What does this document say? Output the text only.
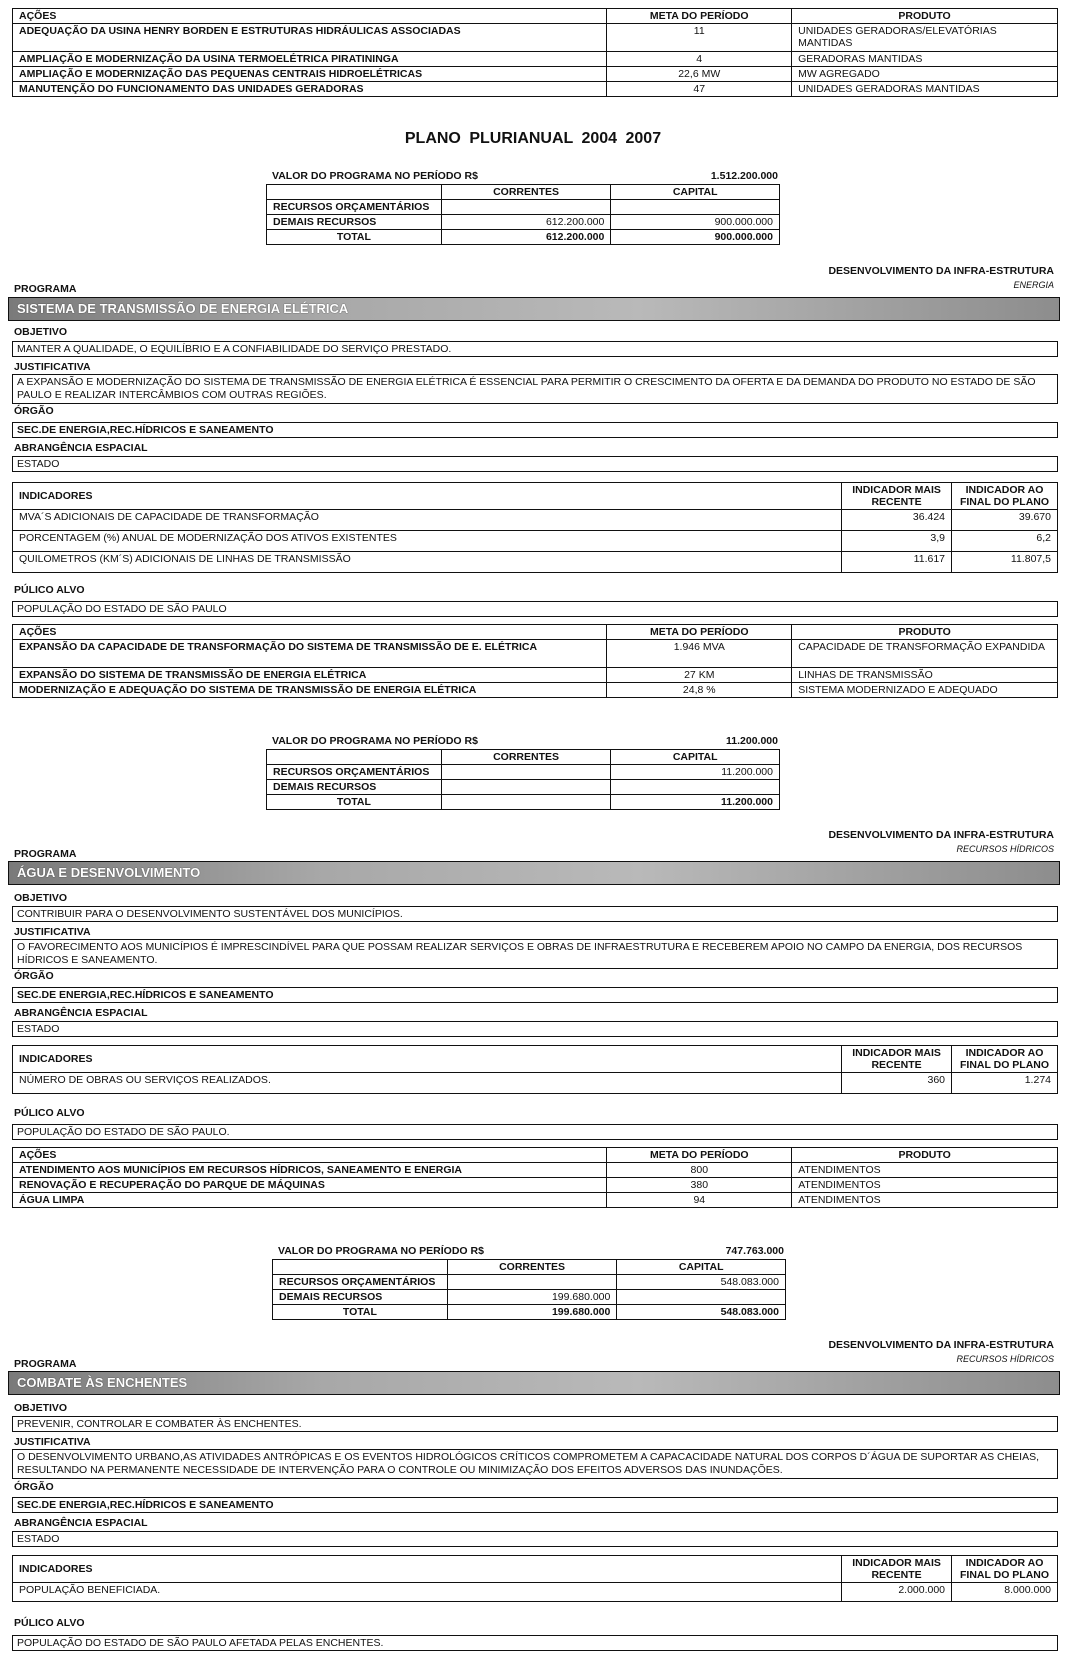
AÇÕES	META DO PERÍODO	PRODUTO
ADEQUAÇÃO DA USINA HENRY BORDEN E ESTRUTURAS HIDRÁULICAS ASSOCIADAS	11	UNIDADES GERADORAS/ELEVATÓRIAS MANTIDAS
AMPLIAÇÃO E MODERNIZAÇÃO DA USINA TERMOELÉTRICA PIRATININGA	4	GERADORAS MANTIDAS
AMPLIAÇÃO E MODERNIZAÇÃO DAS PEQUENAS CENTRAIS HIDROELÉTRICAS	22,6 MW	MW AGREGADO
MANUTENÇÃO DO FUNCIONAMENTO DAS UNIDADES GERADORAS	47	UNIDADES GERADORAS MANTIDAS
PLANO PLURIANUAL 2004 2007
VALOR DO PROGRAMA NO PERÍODO R$	1.512.200.000
	CORRENTES	CAPITAL
RECURSOS ORÇAMENTÁRIOS		
DEMAIS RECURSOS	612.200.000	900.000.000
TOTAL	612.200.000	900.000.000
DESENVOLVIMENTO DA INFRA-ESTRUTURA
ENERGIA
PROGRAMA
SISTEMA DE TRANSMISSÃO DE ENERGIA ELÉTRICA
OBJETIVO
MANTER A QUALIDADE, O EQUILÍBRIO E A CONFIABILIDADE DO SERVIÇO PRESTADO.
JUSTIFICATIVA
A EXPANSÃO E MODERNIZAÇÃO DO SISTEMA DE TRANSMISSÃO DE ENERGIA ELÉTRICA É ESSENCIAL PARA PERMITIR O CRESCIMENTO DA OFERTA E DA DEMANDA DO PRODUTO NO ESTADO DE SÃO PAULO E REALIZAR INTERCÂMBIOS COM OUTRAS REGIÕES.
ÓRGÃO
SEC.DE ENERGIA,REC.HÍDRICOS E SANEAMENTO
ABRANGÊNCIA ESPACIAL
ESTADO
INDICADORES	INDICADOR MAIS RECENTE	INDICADOR AO FINAL DO PLANO
MVA´S ADICIONAIS DE CAPACIDADE DE TRANSFORMAÇÃO	36.424	39.670
PORCENTAGEM (%) ANUAL DE MODERNIZAÇÃO DOS ATIVOS EXISTENTES	3,9	6,2
QUILOMETROS (KM´S) ADICIONAIS DE LINHAS DE TRANSMISSÃO	11.617	11.807,5
PÚLICO ALVO
POPULAÇÃO DO ESTADO DE SÃO PAULO
AÇÕES	META DO PERÍODO	PRODUTO
EXPANSÃO DA CAPACIDADE DE TRANSFORMAÇÃO DO SISTEMA DE TRANSMISSÃO DE E. ELÉTRICA	1.946 MVA	CAPACIDADE DE TRANSFORMAÇÃO EXPANDIDA
EXPANSÃO DO SISTEMA DE TRANSMISSÃO DE ENERGIA ELÉTRICA	27 KM	LINHAS DE TRANSMISSÃO
MODERNIZAÇÃO E ADEQUAÇÃO DO SISTEMA DE TRANSMISSÃO DE ENERGIA ELÉTRICA	24,8 %	SISTEMA MODERNIZADO E ADEQUADO
VALOR DO PROGRAMA NO PERÍODO R$	11.200.000
	CORRENTES	CAPITAL
RECURSOS ORÇAMENTÁRIOS		11.200.000
DEMAIS RECURSOS		
TOTAL		11.200.000
DESENVOLVIMENTO DA INFRA-ESTRUTURA
RECURSOS HÍDRICOS
PROGRAMA
ÁGUA E DESENVOLVIMENTO
OBJETIVO
CONTRIBUIR PARA O DESENVOLVIMENTO SUSTENTÁVEL DOS MUNICÍPIOS.
JUSTIFICATIVA
O FAVORECIMENTO AOS MUNICÍPIOS É IMPRESCINDÍVEL PARA QUE POSSAM REALIZAR SERVIÇOS E OBRAS DE INFRAESTRUTURA E RECEBEREM APOIO NO CAMPO DA ENERGIA, DOS RECURSOS HÍDRICOS E SANEAMENTO.
ÓRGÃO
SEC.DE ENERGIA,REC.HÍDRICOS E SANEAMENTO
ABRANGÊNCIA ESPACIAL
ESTADO
INDICADORES	INDICADOR MAIS RECENTE	INDICADOR AO FINAL DO PLANO
NÚMERO DE OBRAS OU SERVIÇOS REALIZADOS.	360	1.274
PÚLICO ALVO
POPULAÇÃO DO ESTADO DE SÃO PAULO.
AÇÕES	META DO PERÍODO	PRODUTO
ATENDIMENTO AOS MUNICÍPIOS EM RECURSOS HÍDRICOS, SANEAMENTO E ENERGIA	800	ATENDIMENTOS
RENOVAÇÃO E RECUPERAÇÃO DO PARQUE DE MÁQUINAS	380	ATENDIMENTOS
ÁGUA LIMPA	94	ATENDIMENTOS
VALOR DO PROGRAMA NO PERÍODO R$	747.763.000
	CORRENTES	CAPITAL
RECURSOS ORÇAMENTÁRIOS		548.083.000
DEMAIS RECURSOS	199.680.000	
TOTAL	199.680.000	548.083.000
DESENVOLVIMENTO DA INFRA-ESTRUTURA
RECURSOS HÍDRICOS
PROGRAMA
COMBATE ÀS ENCHENTES
OBJETIVO
PREVENIR, CONTROLAR E COMBATER ÀS ENCHENTES.
JUSTIFICATIVA
O DESENVOLVIMENTO URBANO,AS ATIVIDADES ANTRÓPICAS E OS EVENTOS HIDROLÓGICOS CRÍTICOS COMPROMETEM A CAPACACIDADE NATURAL DOS CORPOS D´ÁGUA DE SUPORTAR AS CHEIAS, RESULTANDO NA PERMANENTE NECESSIDADE DE INTERVENÇÃO PARA O CONTROLE OU MINIMIZAÇÃO DOS EFEITOS ADVERSOS DAS INUNDAÇÕES.
ÓRGÃO
SEC.DE ENERGIA,REC.HÍDRICOS E SANEAMENTO
ABRANGÊNCIA ESPACIAL
ESTADO
INDICADORES	INDICADOR MAIS RECENTE	INDICADOR AO FINAL DO PLANO
POPULAÇÃO BENEFICIADA.	2.000.000	8.000.000
PÚLICO ALVO
POPULAÇÃO DO ESTADO DE SÃO PAULO AFETADA PELAS ENCHENTES.
